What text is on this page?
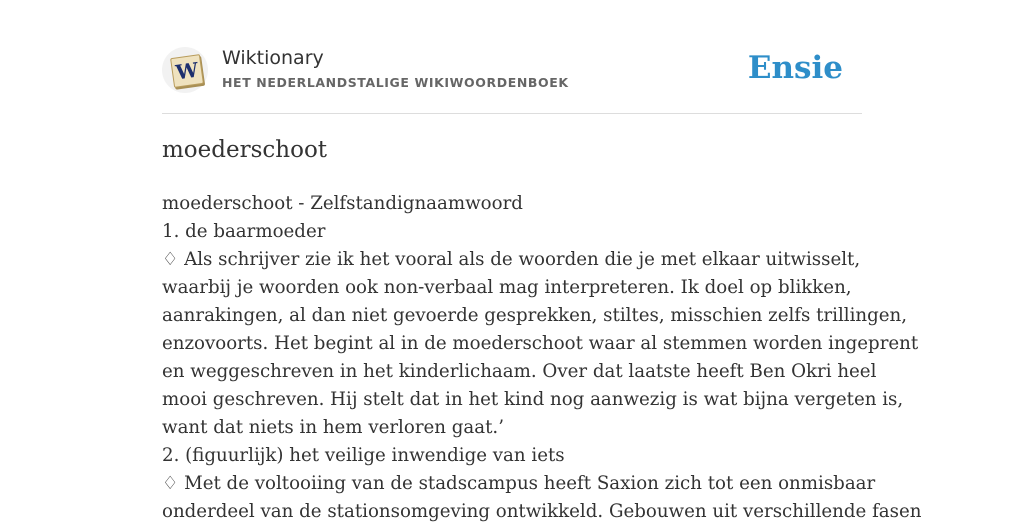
W Wiktionary
HET NEDERLANDSTALIGE WIKIWOORDENBOEK	Ensie
moederschoot
moederschoot - Zelfstandignaamwoord
1. de baarmoeder
♢ Als schrijver zie ik het vooral als de woorden die je met elkaar uitwisselt,
waarbij je woorden ook non-verbaal mag interpreteren. Ik doel op blikken,
aanrakingen, al dan niet gevoerde gesprekken, stiltes, misschien zelfs trillingen,
enzovoorts. Het begint al in de moederschoot waar al stemmen worden ingeprent
en weggeschreven in het kinderlichaam. Over dat laatste heeft Ben Okri heel
mooi geschreven. Hij stelt dat in het kind nog aanwezig is wat bijna vergeten is,
want dat niets in hem verloren gaat.’
2. (figuurlijk) het veilige inwendige van iets
♢ Met de voltooiing van de stadscampus heeft Saxion zich tot een onmisbaar
onderdeel van de stationsomgeving ontwikkeld. Gebouwen uit verschillende fasen
